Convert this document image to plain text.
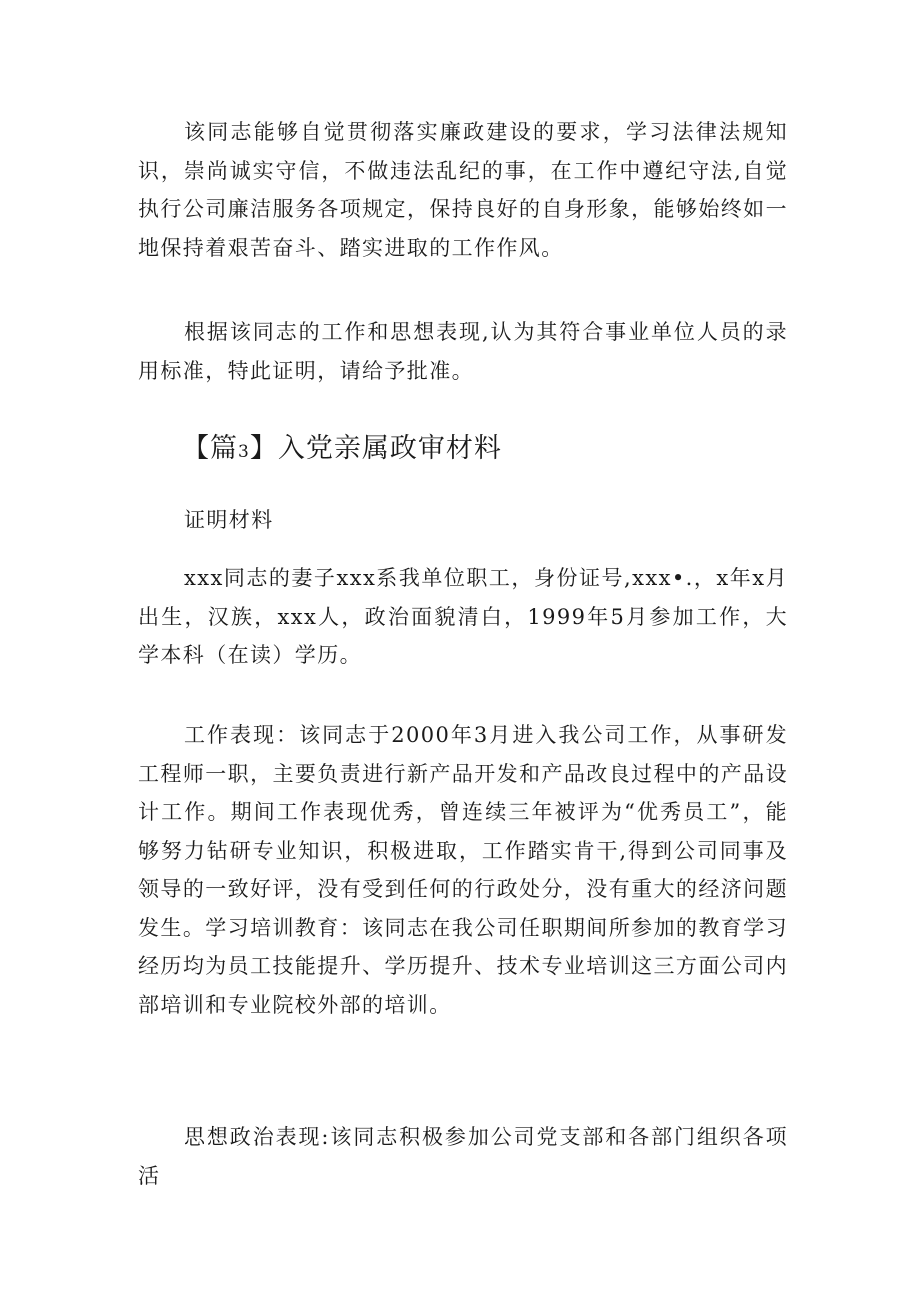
该同志能够自觉贯彻落实廉政建设的要求，学习法律法规知识，崇尚诚实守信，不做违法乱纪的事，在工作中遵纪守法,自觉执行公司廉洁服务各项规定，保持良好的自身形象，能够始终如一地保持着艰苦奋斗、踏实进取的工作作风。

根据该同志的工作和思想表现,认为其符合事业单位人员的录用标准，特此证明，请给予批准。

【篇3】入党亲属政审材料

证明材料

xxx同志的妻子xxx系我单位职工，身份证号,xxx•.，x年x月出生，汉族，xxx人，政治面貌清白，1999年5月参加工作，大学本科（在读）学历。

工作表现：该同志于2000年3月进入我公司工作，从事研发工程师一职，主要负责进行新产品开发和产品改良过程中的产品设计工作。期间工作表现优秀，曾连续三年被评为“优秀员工”，能够努力钻研专业知识，积极进取，工作踏实肯干,得到公司同事及领导的一致好评，没有受到任何的行政处分，没有重大的经济问题发生。学习培训教育：该同志在我公司任职期间所参加的教育学习经历均为员工技能提升、学历提升、技术专业培训这三方面公司内部培训和专业院校外部的培训。

思想政治表现:该同志积极参加公司党支部和各部门组织各项活
